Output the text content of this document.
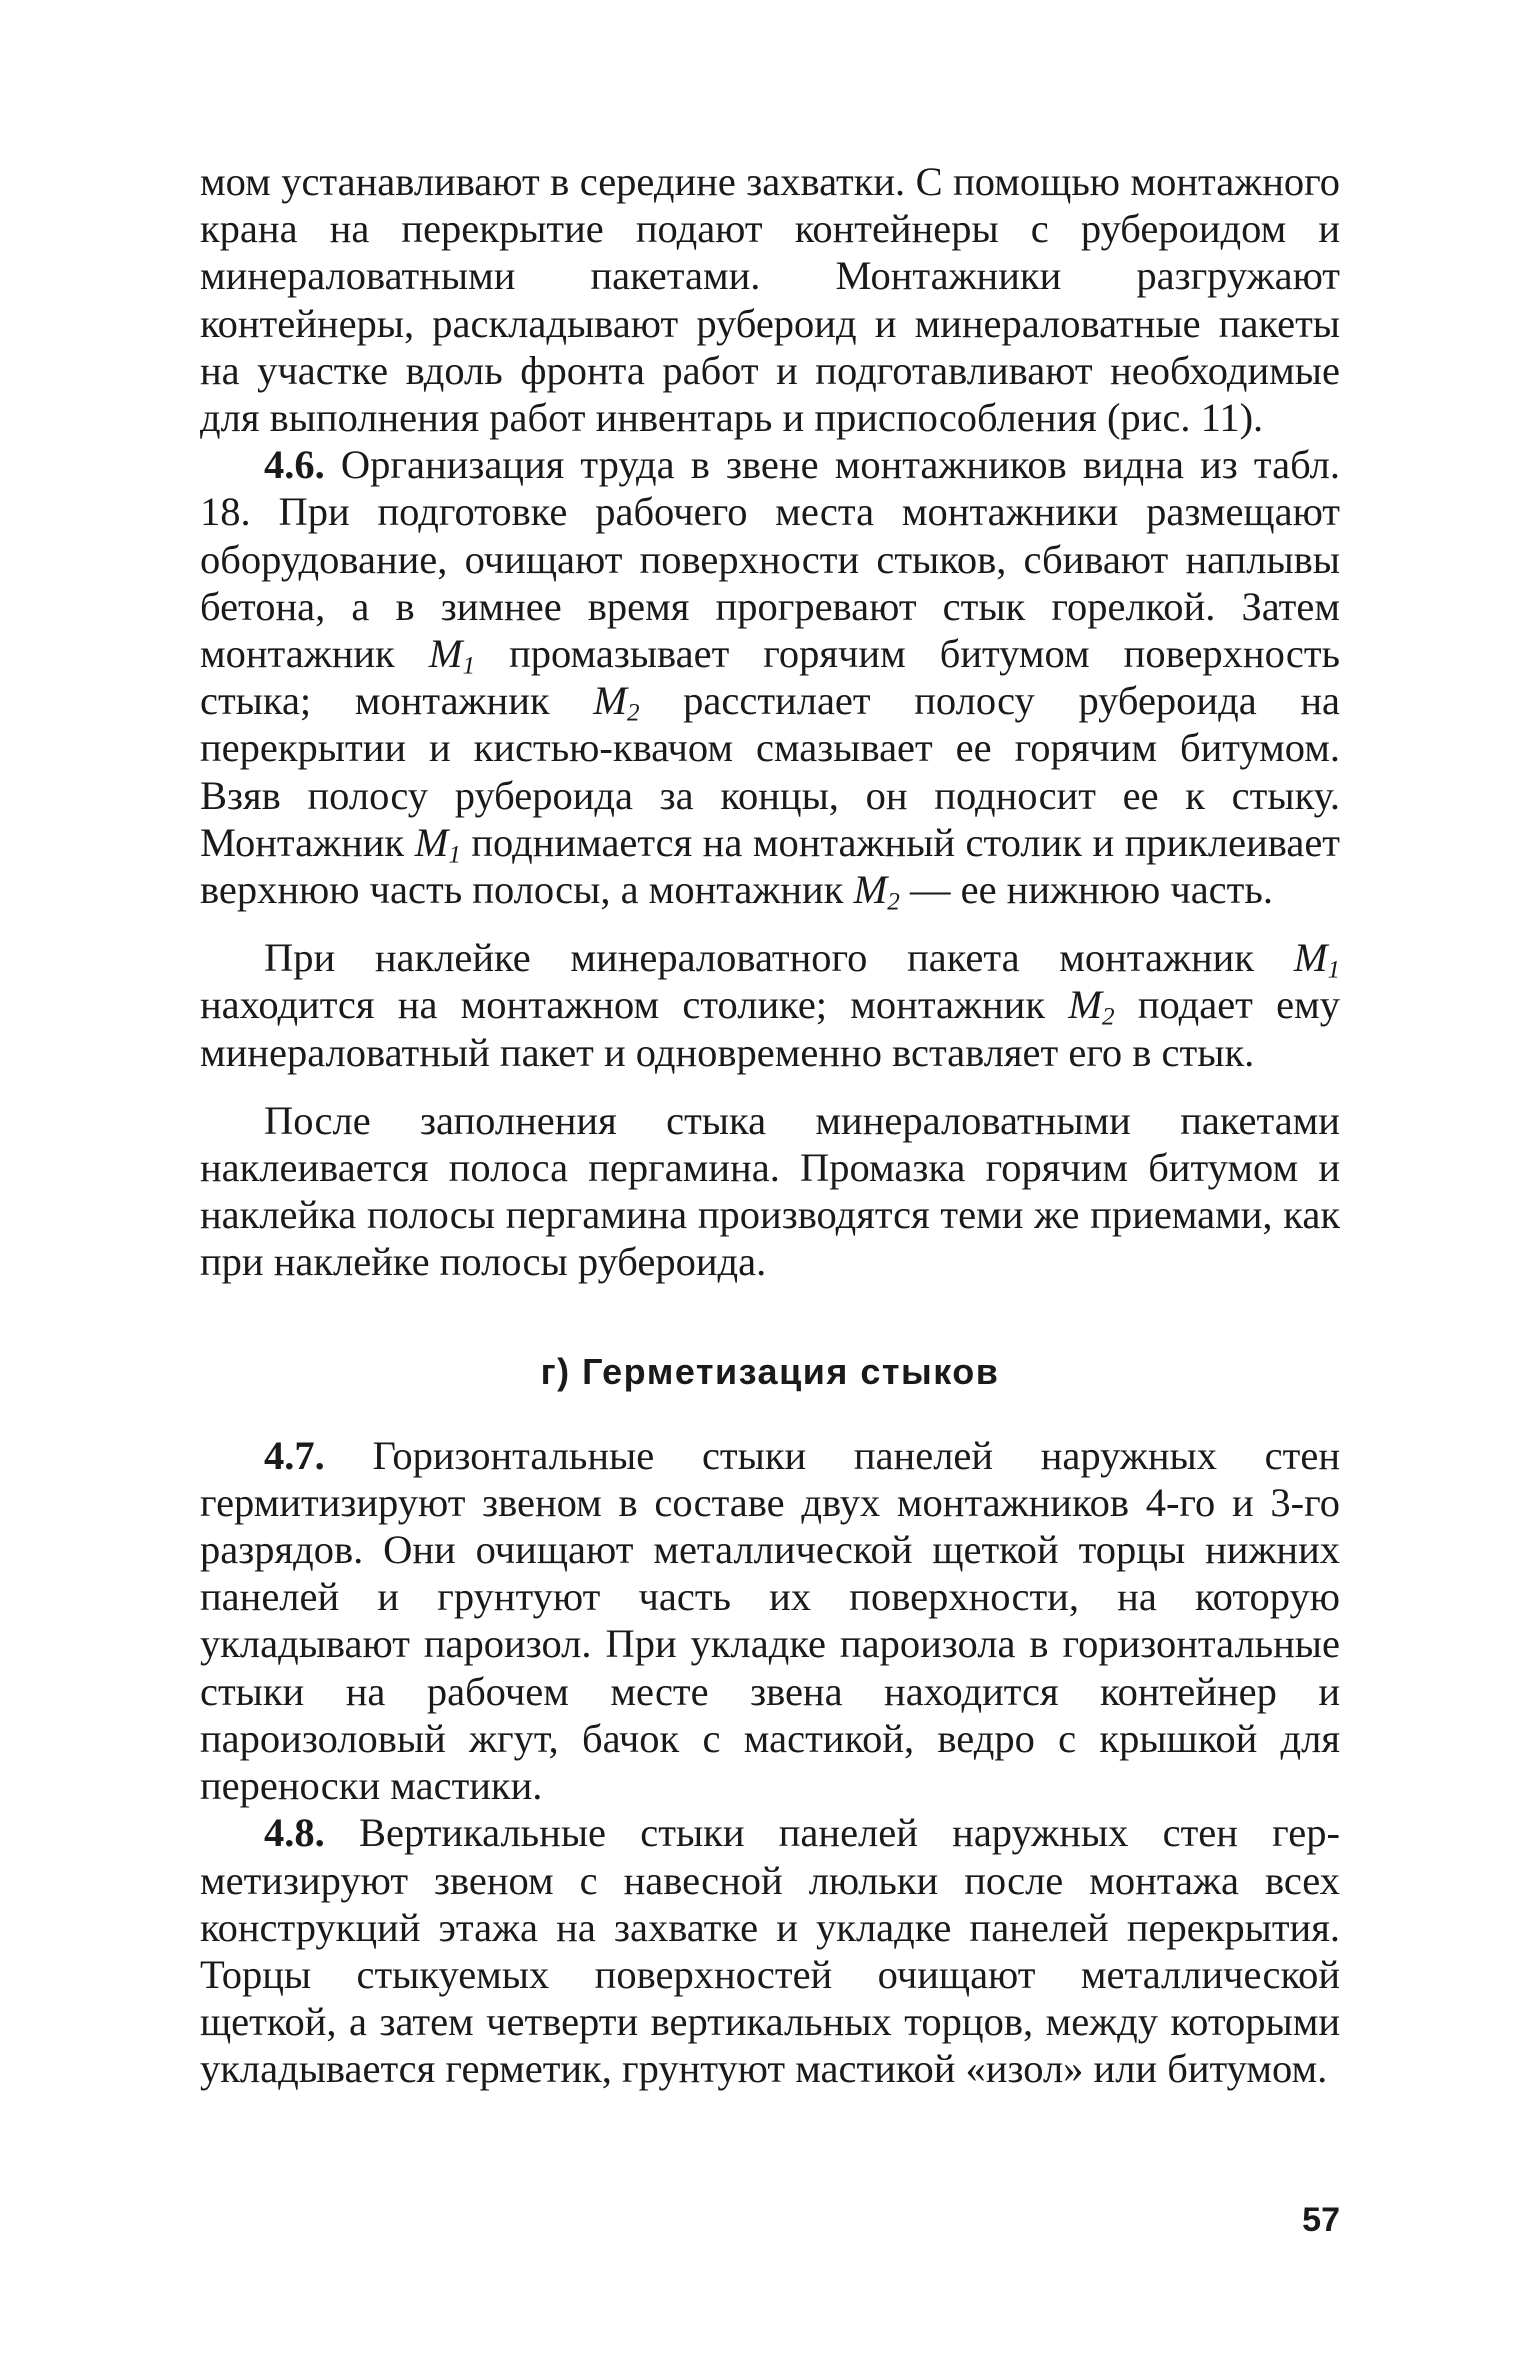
мом устанавливают в середине захватки. С помощью монтажного крана на перекрытие подают контейнеры с рубероидом и минераловатными пакетами. Монтажники разгружают контейнеры, раскладывают рубероид и минераловатные пакеты на участке вдоль фронта работ и подготавливают необходимые для выполнения работ инвентарь и приспособления (рис. 11).

4.6. Организация труда в звене монтажников видна из табл. 18. При подготовке рабочего места монтажники размещают оборудование, очищают поверхности стыков, сбивают наплывы бетона, а в зимнее время прогревают стык горелкой. Затем монтажник $M_1$ промазывает горячим битумом поверхность стыка; монтажник $M_2$ расстилает полосу рубероида на перекрытии и кистью-квачом смазывает ее горячим битумом. Взяв полосу рубероида за концы, он подносит ее к стыку. Монтажник $M_1$ поднимается на монтажный столик и приклеивает верхнюю часть полосы, а монтажник $M_2$ — ее нижнюю часть.

При наклейке минераловатного пакета монтажник $M_1$ находится на монтажном столике; монтажник $M_2$ подает ему минераловатный пакет и одновременно вставляет его в стык.

После заполнения стыка минераловатными пакетами наклеивается полоса пергамина. Промазка горячим битумом и наклейка полосы пергамина производятся теми же приемами, как при наклейке полосы рубероида.

г) Герметизация стыков

4.7. Горизонтальные стыки панелей наружных стен гермитизируют звеном в составе двух монтажников 4-го и 3-го разрядов. Они очищают металлической щеткой торцы нижних панелей и грунтуют часть их поверхности, на которую укладывают пароизол. При укладке пароизола в горизонтальные стыки на рабочем месте звена находится контейнер и пароизоловый жгут, бачок с мастикой, ведро с крышкой для переноски мастики.

4.8. Вертикальные стыки панелей наружных стен герметизируют звеном с навесной люльки после монтажа всех конструкций этажа на захватке и укладке панелей перекрытия. Торцы стыкуемых поверхностей очищают металлической щеткой, а затем четверти вертикальных торцов, между которыми укладывается герметик, грунтуют мастикой «изол» или битумом.

57
